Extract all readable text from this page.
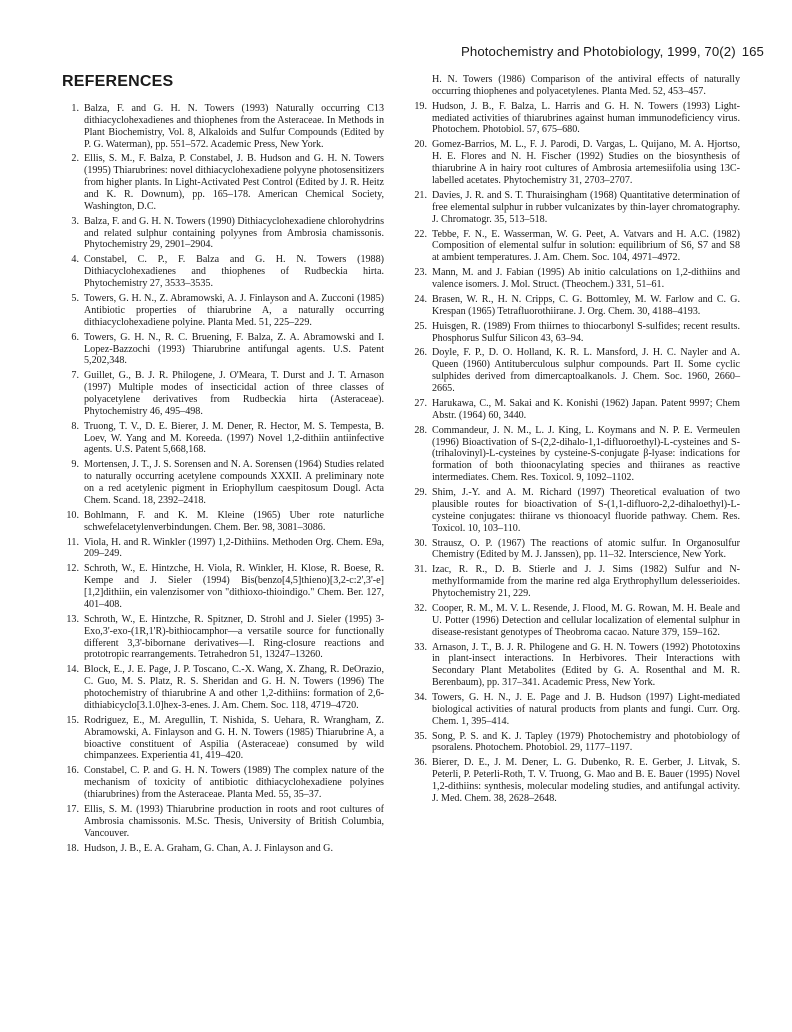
Photochemistry and Photobiology, 1999, 70(2) 165
REFERENCES
1. Balza, F. and G. H. N. Towers (1993) Naturally occurring C13 dithiacyclohexadienes and thiophenes from the Asteraceae. In Methods in Plant Biochemistry, Vol. 8, Alkaloids and Sulfur Compounds (Edited by P. G. Waterman), pp. 551–572. Academic Press, New York.
2. Ellis, S. M., F. Balza, P. Constabel, J. B. Hudson and G. H. N. Towers (1995) Thiarubrines: novel dithiacyclohexadiene polyyne photosensitizers from higher plants. In Light-Activated Pest Control (Edited by J. R. Heitz and K. R. Downum), pp. 165–178. American Chemical Society, Washington, D.C.
3. Balza, F. and G. H. N. Towers (1990) Dithiacyclohexadiene chlorohydrins and related sulphur containing polyynes from Ambrosia chamissonis. Phytochemistry 29, 2901–2904.
4. Constabel, C. P., F. Balza and G. H. N. Towers (1988) Dithiacyclohexadienes and thiophenes of Rudbeckia hirta. Phytochemistry 27, 3533–3535.
5. Towers, G. H. N., Z. Abramowski, A. J. Finlayson and A. Zucconi (1985) Antibiotic properties of thiarubrine A, a naturally occurring dithiacyclohexadiene polyine. Planta Med. 51, 225–229.
6. Towers, G. H. N., R. C. Bruening, F. Balza, Z. A. Abramowski and I. Lopez-Bazzochi (1993) Thiarubrine antifungal agents. U.S. Patent 5,202,348.
7. Guillet, G., B. J. R. Philogene, J. O'Meara, T. Durst and J. T. Arnason (1997) Multiple modes of insecticidal action of three classes of polyacetylene derivatives from Rudbeckia hirta (Asteraceae). Phytochemistry 46, 495–498.
8. Truong, T. V., D. E. Bierer, J. M. Dener, R. Hector, M. S. Tempesta, B. Loev, W. Yang and M. Koreeda. (1997) Novel 1,2-dithiin antiinfective agents. U.S. Patent 5,668,168.
9. Mortensen, J. T., J. S. Sorensen and N. A. Sorensen (1964) Studies related to naturally occurring acetylene compounds XXXII. A preliminary note on a red acetylenic pigment in Eriophyllum caespitosum Dougl. Acta Chem. Scand. 18, 2392–2418.
10. Bohlmann, F. and K. M. Kleine (1965) Uber rote naturliche schwefelacetylenverbindungen. Chem. Ber. 98, 3081–3086.
11. Viola, H. and R. Winkler (1997) 1,2-Dithiins. Methoden Org. Chem. E9a, 209–249.
12. Schroth, W., E. Hintzche, H. Viola, R. Winkler, H. Klose, R. Boese, R. Kempe and J. Sieler (1994) Bis(benzo[4,5]thieno)[3,2-c:2',3'-e][1,2]dithiin, ein valenzisomer von "dithioxo-thioindigo." Chem. Ber. 127, 401–408.
13. Schroth, W., E. Hintzche, R. Spitzner, D. Strohl and J. Sieler (1995) 3-Exo,3'-exo-(1R,1'R)-bithiocamphor—a versatile source for functionally different 3,3'-bibornane derivatives—I. Ring-closure reactions and prototropic rearrangements. Tetrahedron 51, 13247–13260.
14. Block, E., J. E. Page, J. P. Toscano, C.-X. Wang, X. Zhang, R. DeOrazio, C. Guo, M. S. Platz, R. S. Sheridan and G. H. N. Towers (1996) The photochemistry of thiarubrine A and other 1,2-dithiins: formation of 2,6-dithiabicyclo[3.1.0]hex-3-enes. J. Am. Chem. Soc. 118, 4719–4720.
15. Rodriguez, E., M. Aregullin, T. Nishida, S. Uehara, R. Wrangham, Z. Abramowski, A. Finlayson and G. H. N. Towers (1985) Thiarubrine A, a bioactive constituent of Aspilia (Asteraceae) consumed by wild chimpanzees. Experientia 41, 419–420.
16. Constabel, C. P. and G. H. N. Towers (1989) The complex nature of the mechanism of toxicity of antibiotic dithiacyclohexadiene polyines (thiarubrines) from the Asteraceae. Planta Med. 55, 35–37.
17. Ellis, S. M. (1993) Thiarubrine production in roots and root cultures of Ambrosia chamissonis. M.Sc. Thesis, University of British Columbia, Vancouver.
18. Hudson, J. B., E. A. Graham, G. Chan, A. J. Finlayson and G.
H. N. Towers (1986) Comparison of the antiviral effects of naturally occurring thiophenes and polyacetylenes. Planta Med. 52, 453–457.
19. Hudson, J. B., F. Balza, L. Harris and G. H. N. Towers (1993) Light-mediated activities of thiarubrines against human immunodeficiency virus. Photochem. Photobiol. 57, 675–680.
20. Gomez-Barrios, M. L., F. J. Parodi, D. Vargas, L. Quijano, M. A. Hjortso, H. E. Flores and N. H. Fischer (1992) Studies on the biosynthesis of thiarubrine A in hairy root cultures of Ambrosia artemesiifolia using 13C-labelled acetates. Phytochemistry 31, 2703–2707.
21. Davies, J. R. and S. T. Thuraisingham (1968) Quantitative determination of free elemental sulphur in rubber vulcanizates by thin-layer chromatography. J. Chromatogr. 35, 513–518.
22. Tebbe, F. N., E. Wasserman, W. G. Peet, A. Vatvars and H. A.C. (1982) Composition of elemental sulfur in solution: equilibrium of S6, S7 and S8 at ambient temperatures. J. Am. Chem. Soc. 104, 4971–4972.
23. Mann, M. and J. Fabian (1995) Ab initio calculations on 1,2-dithiins and valence isomers. J. Mol. Struct. (Theochem.) 331, 51–61.
24. Brasen, W. R., H. N. Cripps, C. G. Bottomley, M. W. Farlow and C. G. Krespan (1965) Tetrafluorothiirane. J. Org. Chem. 30, 4188–4193.
25. Huisgen, R. (1989) From thiirnes to thiocarbonyl S-sulfides; recent results. Phosphorus Sulfur Silicon 43, 63–94.
26. Doyle, F. P., D. O. Holland, K. R. L. Mansford, J. H. C. Nayler and A. Queen (1960) Antituberculous sulphur compounds. Part II. Some cyclic sulphides derived from dimercaptoalkanols. J. Chem. Soc. 1960, 2660–2665.
27. Harukawa, C., M. Sakai and K. Konishi (1962) Japan. Patent 9997; Chem Abstr. (1964) 60, 3440.
28. Commandeur, J. N. M., L. J. King, L. Koymans and N. P. E. Vermeulen (1996) Bioactivation of S-(2,2-dihalo-1,1-difluoroethyl)-L-cysteines and S-(trihalovinyl)-L-cysteines by cysteine-S-conjugate β-lyase: indications for formation of both thioonacylating species and thiiranes as reactive intermediates. Chem. Res. Toxicol. 9, 1092–1102.
29. Shim, J.-Y. and A. M. Richard (1997) Theoretical evaluation of two plausible routes for bioactivation of S-(1,1-difluoro-2,2-dihaloethyl)-L-cysteine conjugates: thiirane vs thionoacyl fluoride pathway. Chem. Res. Toxicol. 10, 103–110.
30. Strausz, O. P. (1967) The reactions of atomic sulfur. In Organosulfur Chemistry (Edited by M. J. Janssen), pp. 11–32. Interscience, New York.
31. Izac, R. R., D. B. Stierle and J. J. Sims (1982) Sulfur and N-methylformamide from the marine red alga Erythrophyllum delesserioides. Phytochemistry 21, 229.
32. Cooper, R. M., M. V. L. Resende, J. Flood, M. G. Rowan, M. H. Beale and U. Potter (1996) Detection and cellular localization of elemental sulphur in disease-resistant genotypes of Theobroma cacao. Nature 379, 159–162.
33. Arnason, J. T., B. J. R. Philogene and G. H. N. Towers (1992) Phototoxins in plant-insect interactions. In Herbivores. Their Interactions with Secondary Plant Metabolites (Edited by G. A. Rosenthal and M. R. Berenbaum), pp. 317–341. Academic Press, New York.
34. Towers, G. H. N., J. E. Page and J. B. Hudson (1997) Light-mediated biological activities of natural products from plants and fungi. Curr. Org. Chem. 1, 395–414.
35. Song, P. S. and K. J. Tapley (1979) Photochemistry and photobiology of psoralens. Photochem. Photobiol. 29, 1177–1197.
36. Bierer, D. E., J. M. Dener, L. G. Dubenko, R. E. Gerber, J. Litvak, S. Peterli, P. Peterli-Roth, T. V. Truong, G. Mao and B. E. Bauer (1995) Novel 1,2-dithiins: synthesis, molecular modeling studies, and antifungal activity. J. Med. Chem. 38, 2628–2648.
